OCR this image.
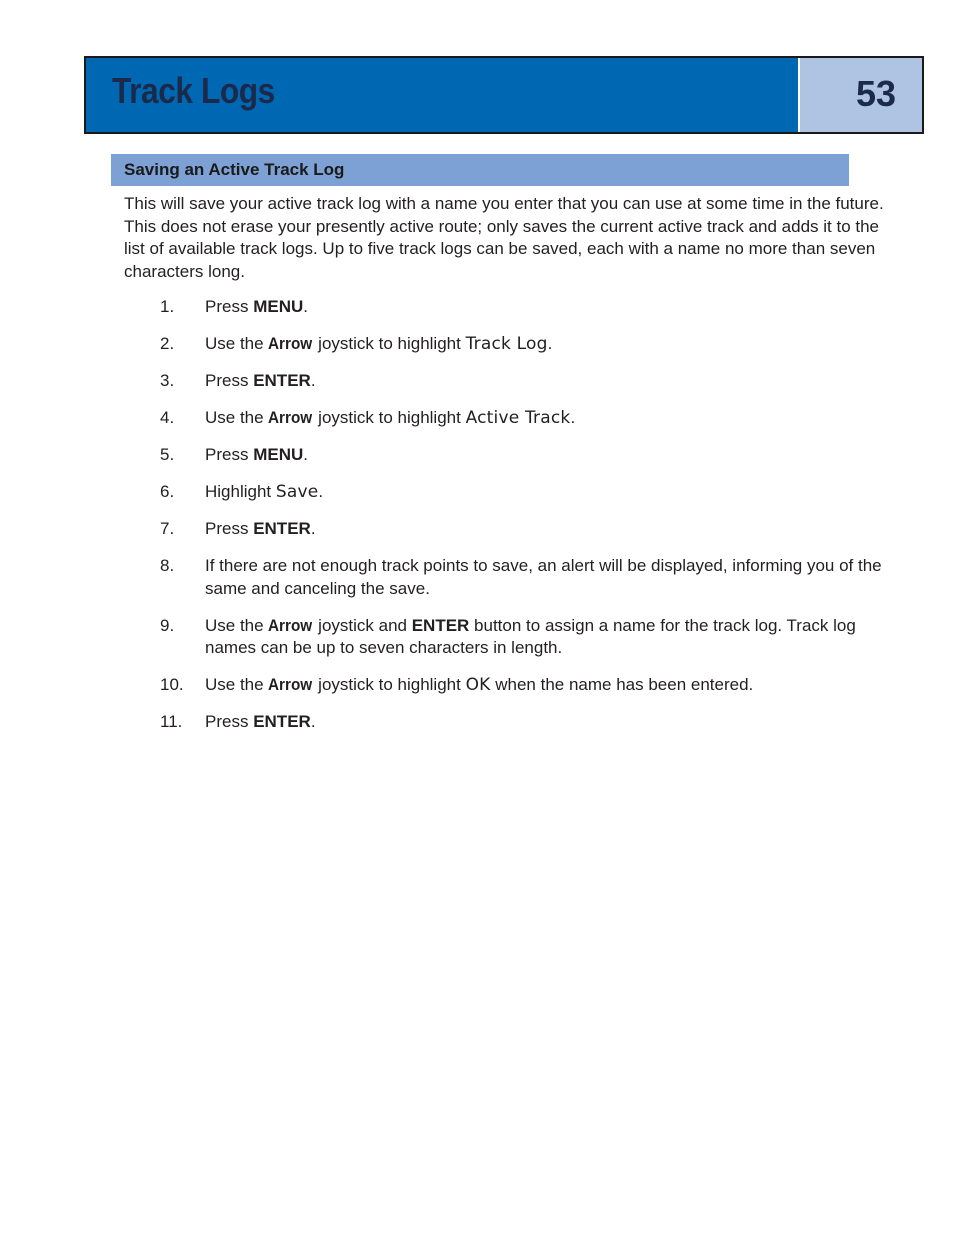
Track Logs	53
Saving an Active Track Log

This will save your active track log with a name you enter that you can use at some time in the future. This does not erase your presently active route; only saves the current active track and adds it to the list of available track logs. Up to five track logs can be saved, each with a name no more than seven characters long.

1. Press MENU.
2. Use the Arrow joystick to highlight Track Log.
3. Press ENTER.
4. Use the Arrow joystick to highlight Active Track.
5. Press MENU.
6. Highlight Save.
7. Press ENTER.
8. If there are not enough track points to save, an alert will be displayed, informing you of the same and canceling the save.
9. Use the Arrow joystick and ENTER button to assign a name for the track log. Track log names can be up to seven characters in length.
10. Use the Arrow joystick to highlight OK when the name has been entered.
11. Press ENTER.
